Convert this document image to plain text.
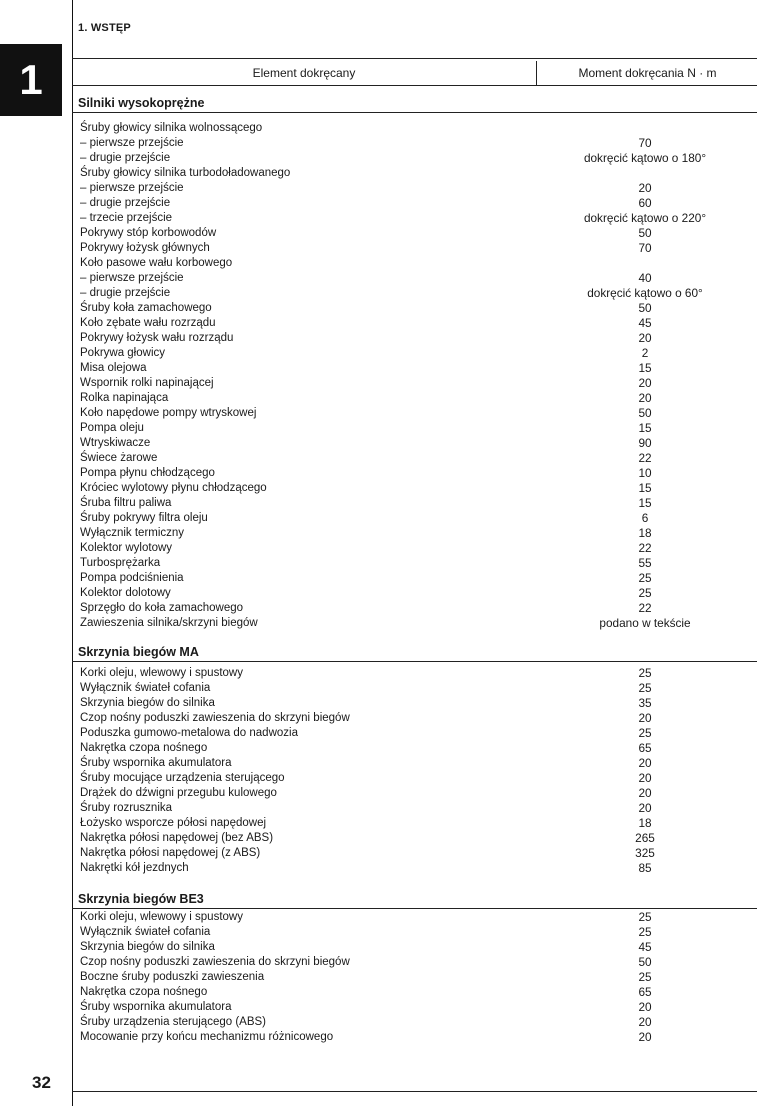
1
1. WSTĘP
Element dokręcany	Moment dokręcania N · m
Silniki wysokoprężne
Śruby głowicy silnika wolnossącego
– pierwsze przejście	70
– drugie przejście	dokręcić kątowo o 180°
Śruby głowicy silnika turbodoładowanego
– pierwsze przejście	20
– drugie przejście	60
– trzecie przejście	dokręcić kątowo o 220°
Pokrywy stóp korbowodów	50
Pokrywy łożysk głównych	70
Koło pasowe wału korbowego
– pierwsze przejście	40
– drugie przejście	dokręcić kątowo o 60°
Śruby koła zamachowego	50
Koło zębate wału rozrządu	45
Pokrywy łożysk wału rozrządu	20
Pokrywa głowicy	2
Misa olejowa	15
Wspornik rolki napinającej	20
Rolka napinająca	20
Koło napędowe pompy wtryskowej	50
Pompa oleju	15
Wtryskiwacze	90
Świece żarowe	22
Pompa płynu chłodzącego	10
Króciec wylotowy płynu chłodzącego	15
Śruba filtru paliwa	15
Śruby pokrywy filtra oleju	6
Wyłącznik termiczny	18
Kolektor wylotowy	22
Turbosprężarka	55
Pompa podciśnienia	25
Kolektor dolotowy	25
Sprzęgło do koła zamachowego	22
Zawieszenia silnika/skrzyni biegów	podano w tekście
Skrzynia biegów MA
Korki oleju, wlewowy i spustowy	25
Wyłącznik świateł cofania	25
Skrzynia biegów do silnika	35
Czop nośny poduszki zawieszenia do skrzyni biegów	20
Poduszka gumowo-metalowa do nadwozia	25
Nakrętka czopa nośnego	65
Śruby wspornika akumulatora	20
Śruby mocujące urządzenia sterującego	20
Drążek do dźwigni przegubu kulowego	20
Śruby rozrusznika	20
Łożysko wsporcze półosi napędowej	18
Nakrętka półosi napędowej (bez ABS)	265
Nakrętka półosi napędowej (z ABS)	325
Nakrętki kół jezdnych	85
Skrzynia biegów BE3
Korki oleju, wlewowy i spustowy	25
Wyłącznik świateł cofania	25
Skrzynia biegów do silnika	45
Czop nośny poduszki zawieszenia do skrzyni biegów	50
Boczne śruby poduszki zawieszenia	25
Nakrętka czopa nośnego	65
Śruby wspornika akumulatora	20
Śruby urządzenia sterującego (ABS)	20
Mocowanie przy końcu mechanizmu różnicowego	20
32
